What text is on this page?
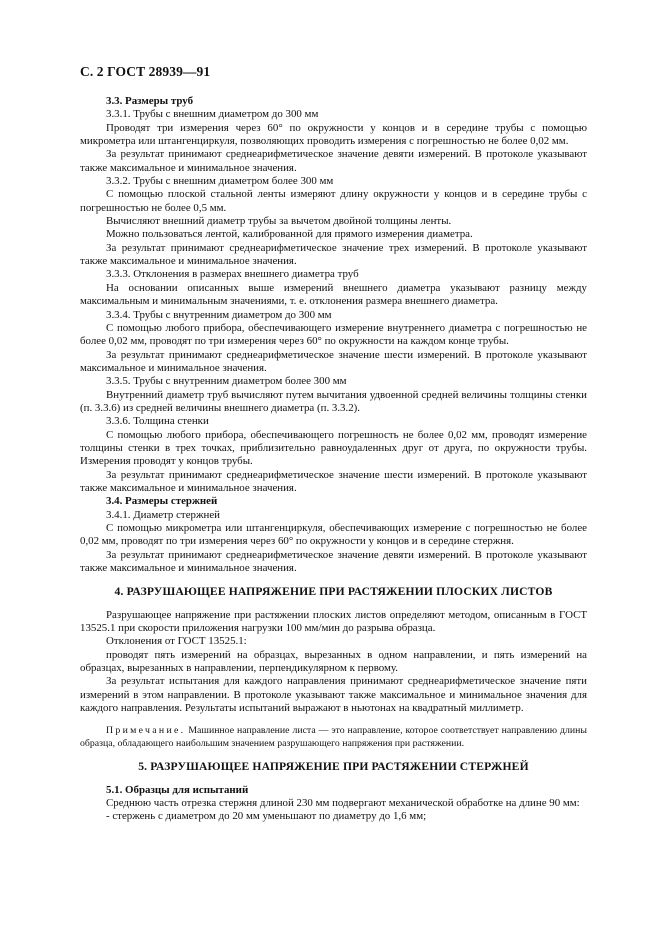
С. 2 ГОСТ 28939—91

3.3. Размеры труб

3.3.1. Трубы с внешним диаметром до 300 мм

Проводят три измерения через 60° по окружности у концов и в середине трубы с помощью микрометра или штангенциркуля, позволяющих проводить измерения с погрешностью не более 0,02 мм.

За результат принимают среднеарифметическое значение девяти измерений. В протоколе указывают также максимальное и минимальное значения.

3.3.2. Трубы с внешним диаметром более 300 мм

С помощью плоской стальной ленты измеряют длину окружности у концов и в середине трубы с погрешностью не более 0,5 мм.

Вычисляют внешний диаметр трубы за вычетом двойной толщины ленты.

Можно пользоваться лентой, калиброванной для прямого измерения диаметра.

За результат принимают среднеарифметическое значение трех измерений. В протоколе указывают также максимальное и минимальное значения.

3.3.3. Отклонения в размерах внешнего диаметра труб

На основании описанных выше измерений внешнего диаметра указывают разницу между максимальным и минимальным значениями, т. е. отклонения размера внешнего диаметра.

3.3.4. Трубы с внутренним диаметром до 300 мм

С помощью любого прибора, обеспечивающего измерение внутреннего диаметра с погрешностью не более 0,02 мм, проводят по три измерения через 60° по окружности на каждом конце трубы.

За результат принимают среднеарифметическое значение шести измерений. В протоколе указывают максимальное и минимальное значения.

3.3.5. Трубы с внутренним диаметром более 300 мм

Внутренний диаметр труб вычисляют путем вычитания удвоенной средней величины толщины стенки (п. 3.3.6) из средней величины внешнего диаметра (п. 3.3.2).

3.3.6. Толщина стенки

С помощью любого прибора, обеспечивающего погрешность не более 0,02 мм, проводят измерение толщины стенки в трех точках, приблизительно равноудаленных друг от друга, по окружности трубы. Измерения проводят у концов трубы.

За результат принимают среднеарифметическое значение шести измерений. В протоколе указывают также максимальное и минимальное значения.

3.4. Размеры стержней

3.4.1. Диаметр стержней

С помощью микрометра или штангенциркуля, обеспечивающих измерение с погрешностью не более 0,02 мм, проводят по три измерения через 60° по окружности у концов и в середине стержня.

За результат принимают среднеарифметическое значение девяти измерений. В протоколе указывают также максимальное и минимальное значения.

4. РАЗРУШАЮЩЕЕ НАПРЯЖЕНИЕ ПРИ РАСТЯЖЕНИИ ПЛОСКИХ ЛИСТОВ

Разрушающее напряжение при растяжении плоских листов определяют методом, описанным в ГОСТ 13525.1 при скорости приложения нагрузки 100 мм/мин до разрыва образца.

Отклонения от ГОСТ 13525.1:

проводят пять измерений на образцах, вырезанных в одном направлении, и пять измерений на образцах, вырезанных в направлении, перпендикулярном к первому.

За результат испытания для каждого направления принимают среднеарифметическое значение пяти измерений в этом направлении. В протоколе указывают также максимальное и минимальное значения для каждого направления. Результаты испытаний выражают в ньютонах на квадратный миллиметр.

Примечание. Машинное направление листа — это направление, которое соответствует направлению длины образца, обладающего наибольшим значением разрушающего напряжения при растяжении.

5. РАЗРУШАЮЩЕЕ НАПРЯЖЕНИЕ ПРИ РАСТЯЖЕНИИ СТЕРЖНЕЙ

5.1. Образцы для испытаний

Среднюю часть отрезка стержня длиной 230 мм подвергают механической обработке на длине 90 мм:

- стержень с диаметром до 20 мм уменьшают по диаметру до 1,6 мм;
